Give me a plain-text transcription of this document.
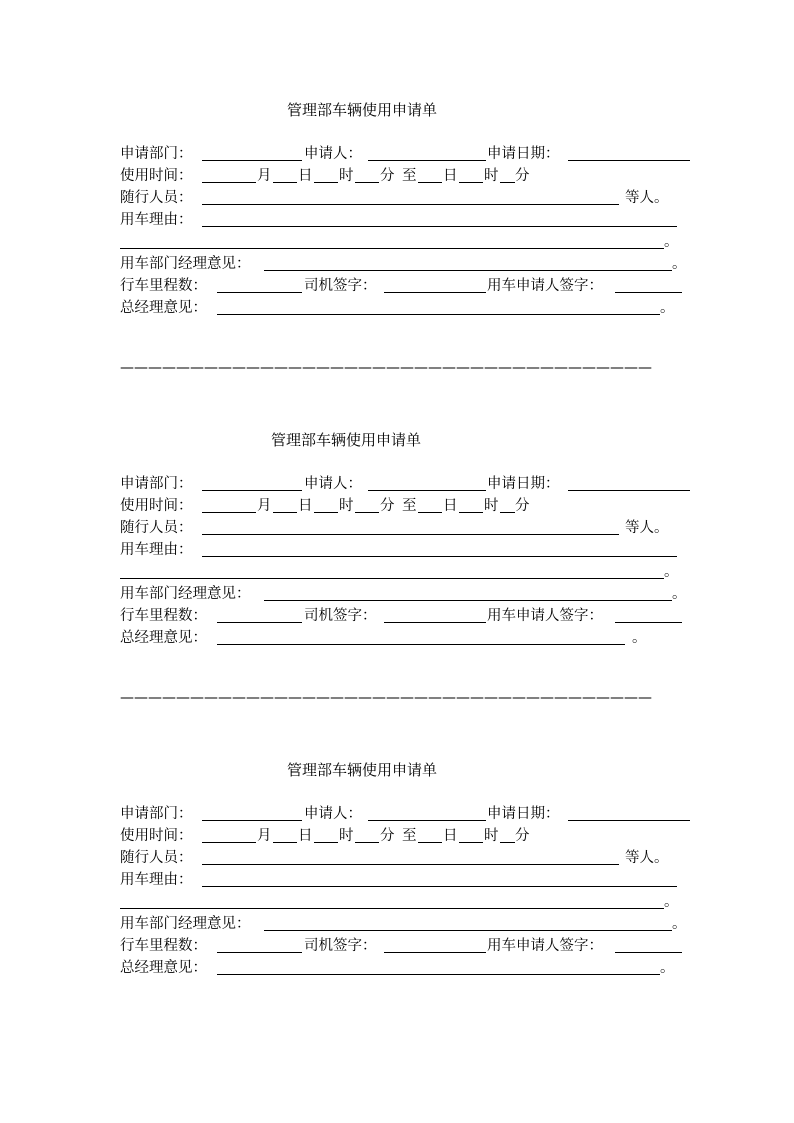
管理部车辆使用申请单
申请部门：	申请人：	申请日期：
使用时间：	月 日 时 分 至 日 时 分
随行人员：	等人。
用车理由：
。
用车部门经理意见：	。
行车里程数：	司机签字：	用车申请人签字：
总经理意见：	。
——————————————————————————————————————
管理部车辆使用申请单
申请部门：	申请人：	申请日期：
使用时间：	月 日 时 分 至 日 时 分
随行人员：	等人。
用车理由：
。
用车部门经理意见：	。
行车里程数：	司机签字：	用车申请人签字：
总经理意见：	。
——————————————————————————————————————
管理部车辆使用申请单
申请部门：	申请人：	申请日期：
使用时间：	月 日 时 分 至 日 时 分
随行人员：	等人。
用车理由：
。
用车部门经理意见：	。
行车里程数：	司机签字：	用车申请人签字：
总经理意见：	。
